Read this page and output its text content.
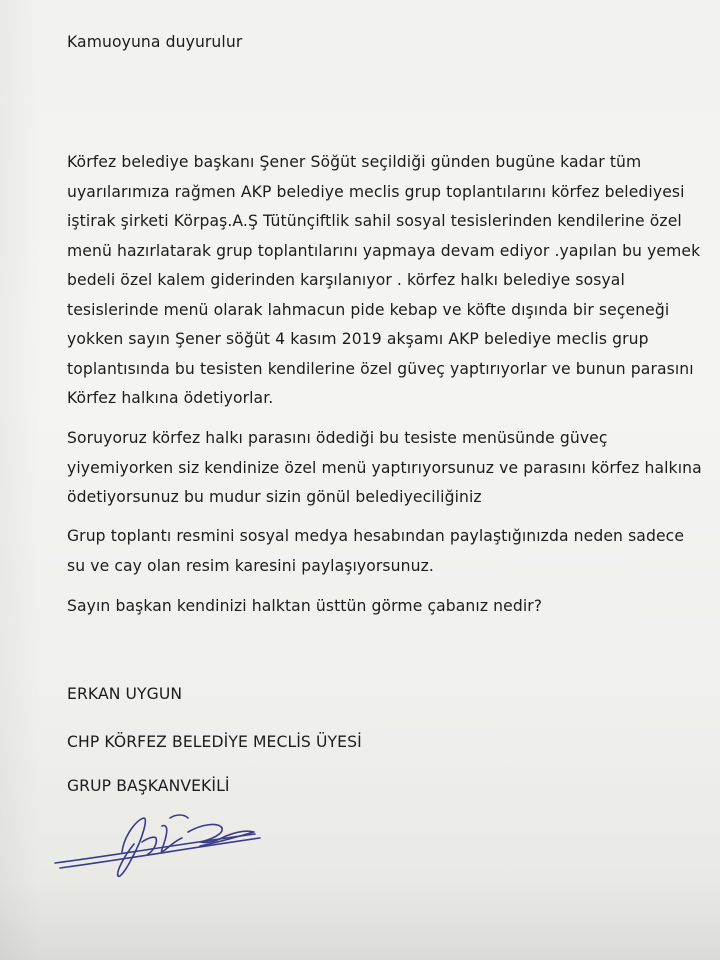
Kamuoyuna duyurulur
Körfez belediye başkanı Şener Söğüt seçildiği günden bugüne kadar tüm
uyarılarımıza rağmen AKP belediye meclis grup toplantılarını körfez belediyesi
iştirak şirketi Körpaş.A.Ş Tütünçiftlik sahil sosyal tesislerinden kendilerine özel
menü hazırlatarak grup toplantılarını yapmaya devam ediyor .yapılan bu yemek
bedeli özel kalem giderinden karşılanıyor . körfez halkı belediye sosyal
tesislerinde menü olarak lahmacun pide kebap ve köfte dışında bir seçeneği
yokken sayın Şener söğüt 4 kasım 2019 akşamı AKP belediye meclis grup
toplantısında bu tesisten kendilerine özel güveç yaptırıyorlar ve bunun parasını
Körfez halkına ödetiyorlar.
Soruyoruz körfez halkı parasını ödediği bu tesiste menüsünde güveç
yiyemiyorken siz kendinize özel menü yaptırıyorsunuz ve parasını körfez halkına
ödetiyorsunuz bu mudur sizin gönül belediyeciliğiniz
Grup toplantı resmini sosyal medya hesabından paylaştığınızda neden sadece
su ve cay olan resim karesini paylaşıyorsunuz.
Sayın başkan kendinizi halktan üsttün görme çabanız nedir?
ERKAN UYGUN
CHP KÖRFEZ BELEDİYE MECLİS ÜYESİ
GRUP BAŞKANVEKİLİ
